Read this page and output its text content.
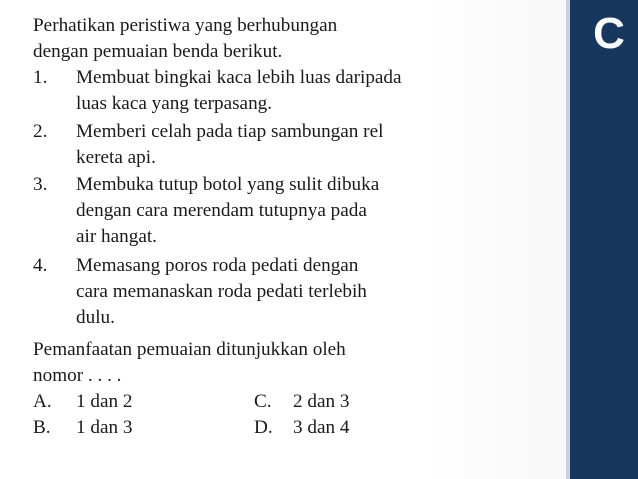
Perhatikan peristiwa yang berhubungan
dengan pemuaian benda berikut.
1. Membuat bingkai kaca lebih luas daripada
luas kaca yang terpasang.
2. Memberi celah pada tiap sambungan rel
kereta api.
3. Membuka tutup botol yang sulit dibuka
dengan cara merendam tutupnya pada
air hangat.
4. Memasang poros roda pedati dengan
cara memanaskan roda pedati terlebih
dulu.
Pemanfaatan pemuaian ditunjukkan oleh
nomor . . . .
A. 1 dan 2	C. 2 dan 3
B. 1 dan 3	D. 3 dan 4
C
